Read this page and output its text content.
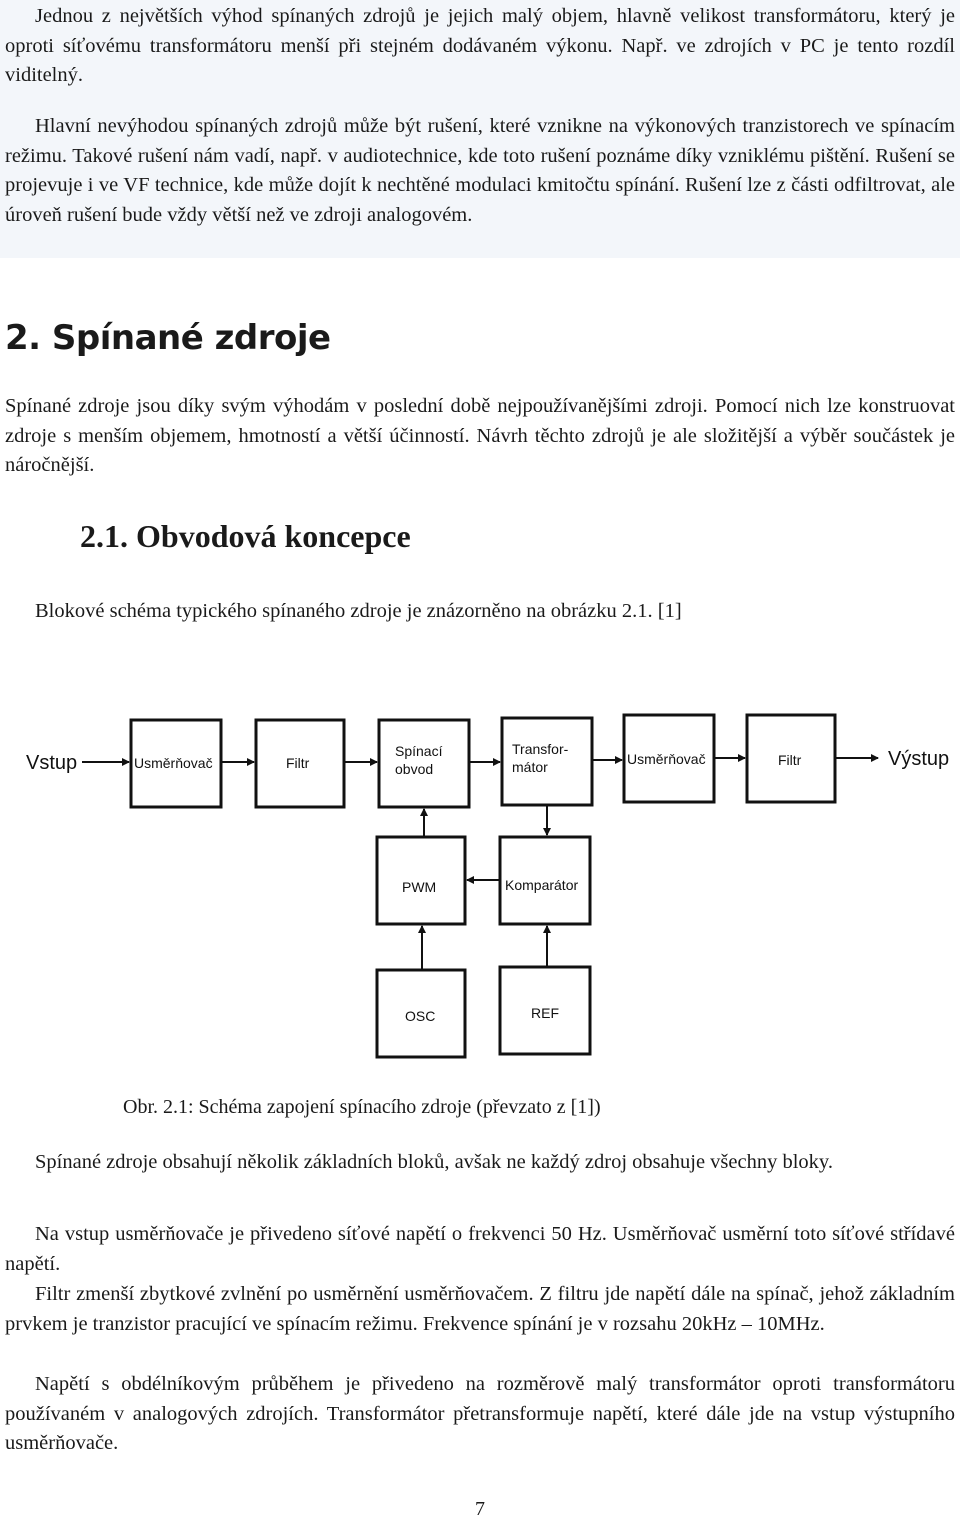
Jednou z největších výhod spínaných zdrojů je jejich malý objem, hlavně velikost transformátoru, který je oproti síťovému transformátoru menší při stejném dodávaném výkonu. Např. ve zdrojích v PC je tento rozdíl viditelný.

Hlavní nevýhodou spínaných zdrojů může být rušení, které vznikne na výkonových tranzistorech ve spínacím režimu. Takové rušení nám vadí, např. v audiotechnice, kde toto rušení poznáme díky vzniklému pištění. Rušení se projevuje i ve VF technice, kde může dojít k nechtěné modulaci kmitočtu spínání. Rušení lze z části odfiltrovat, ale úroveň rušení bude vždy větší než ve zdroji analogovém.

2. Spínané zdroje

Spínané zdroje jsou díky svým výhodám v poslední době nejpoužívanějšími zdroji. Pomocí nich lze konstruovat zdroje s menším objemem, hmotností a větší účinností. Návrh těchto zdrojů je ale složitější a výběr součástek je náročnější.

2.1. Obvodová koncepce

Blokové schéma typického spínaného zdroje je znázorněno na obrázku 2.1. [1]

Vstup	Výstup
Usměrňovač	Filtr
Spínací
obvod
Transfor-
mátor	Usměrňovač	Filtr
PWM	Komparátor
OSC	REF

Obr. 2.1: Schéma zapojení spínacího zdroje (převzato z [1])

Spínané zdroje obsahují několik základních bloků, avšak ne každý zdroj obsahuje všechny bloky.

Na vstup usměrňovače je přivedeno síťové napětí o frekvenci 50 Hz. Usměrňovač usměrní toto síťové střídavé napětí.

Filtr zmenší zbytkové zvlnění po usměrnění usměrňovačem. Z filtru jde napětí dále na spínač, jehož základním prvkem je tranzistor pracující ve spínacím režimu. Frekvence spínání je v rozsahu 20kHz – 10MHz.

Napětí s obdélníkovým průběhem je přivedeno na rozměrově malý transformátor oproti transformátoru používaném v analogových zdrojích. Transformátor přetransformuje napětí, které dále jde na vstup výstupního usměrňovače.

7
